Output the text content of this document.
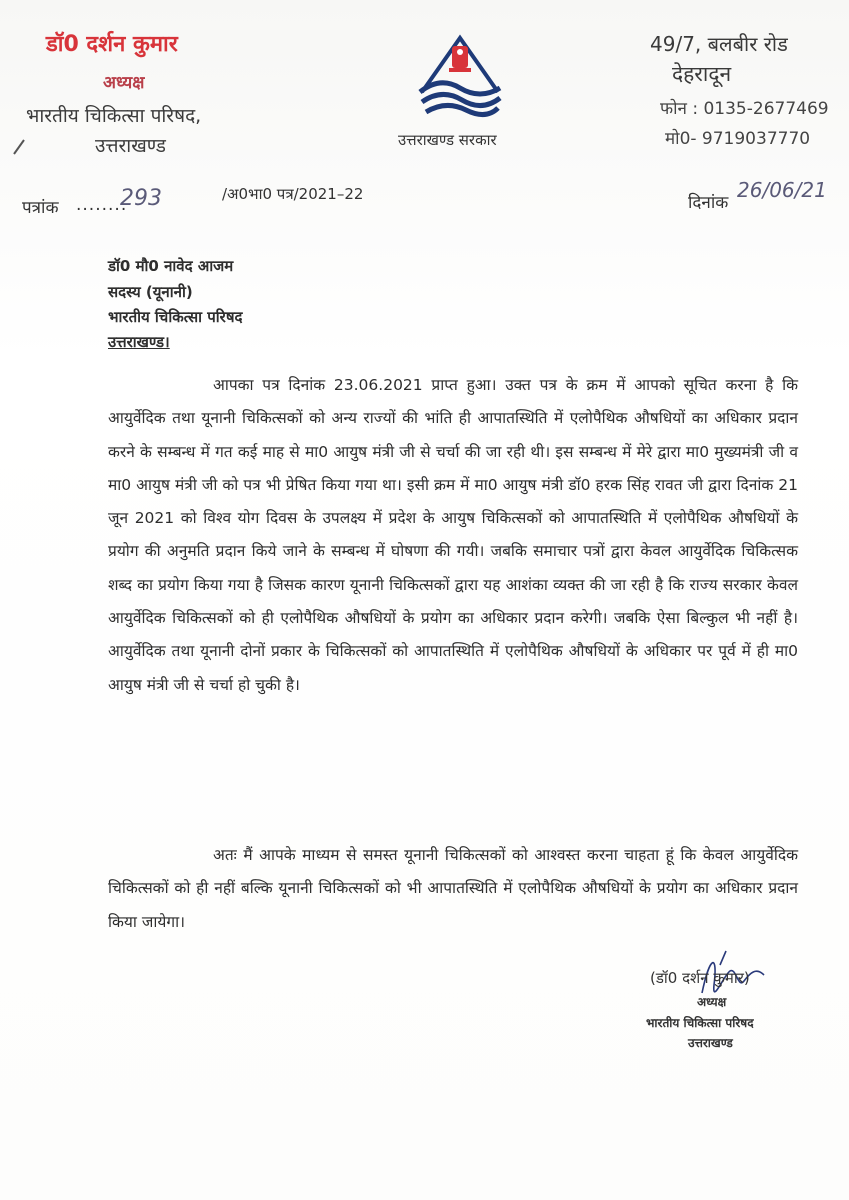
डॉ0 दर्शन कुमार
अध्यक्ष
भारतीय चिकित्सा परिषद,
उत्तराखण्ड	उत्तराखण्ड सरकार
49/7, बलबीर रोड
देहरादून
फोन : 0135-2677469
मो0- 9719037770
पत्रांक ........
293	/अ0भा0 पत्र/2021–22	दिनांक
26/06/21
डॉ0 मौ0 नावेद आजम
सदस्य (यूनानी)
भारतीय चिकित्सा परिषद
उत्तराखण्ड।
आपका पत्र दिनांक 23.06.2021 प्राप्त हुआ। उक्त पत्र के क्रम में आपको सूचित करना है कि आयुर्वेदिक तथा यूनानी चिकित्सकों को अन्य राज्यों की भांति ही आपातस्थिति में एलोपैथिक औषधियों का अधिकार प्रदान करने के सम्बन्ध में गत कई माह से मा0 आयुष मंत्री जी से चर्चा की जा रही थी। इस सम्बन्ध में मेरे द्वारा मा0 मुख्यमंत्री जी व मा0 आयुष मंत्री जी को पत्र भी प्रेषित किया गया था। इसी क्रम में मा0 आयुष मंत्री डॉ0 हरक सिंह रावत जी द्वारा दिनांक 21 जून 2021 को विश्व योग दिवस के उपलक्ष्य में प्रदेश के आयुष चिकित्सकों को आपातस्थिति में एलोपैथिक औषधियों के प्रयोग की अनुमति प्रदान किये जाने के सम्बन्ध में घोषणा की गयी। जबकि समाचार पत्रों द्वारा केवल आयुर्वेदिक चिकित्सक शब्द का प्रयोग किया गया है जिसक कारण यूनानी चिकित्सकों द्वारा यह आशंका व्यक्त की जा रही है कि राज्य सरकार केवल आयुर्वेदिक चिकित्सकों को ही एलोपैथिक औषधियों के प्रयोग का अधिकार प्रदान करेगी। जबकि ऐसा बिल्कुल भी नहीं है। आयुर्वेदिक तथा यूनानी दोनों प्रकार के चिकित्सकों को आपातस्थिति में एलोपैथिक औषधियों के अधिकार पर पूर्व में ही मा0 आयुष मंत्री जी से चर्चा हो चुकी है।
अतः मैं आपके माध्यम से समस्त यूनानी चिकित्सकों को आश्वस्त करना चाहता हूं कि केवल आयुर्वेदिक चिकित्सकों को ही नहीं बल्कि यूनानी चिकित्सकों को भी आपातस्थिति में एलोपैथिक औषधियों के प्रयोग का अधिकार प्रदान किया जायेगा।
(डॉ0 दर्शन कुमार)
अध्यक्ष
भारतीय चिकित्सा परिषद
उत्तराखण्ड
